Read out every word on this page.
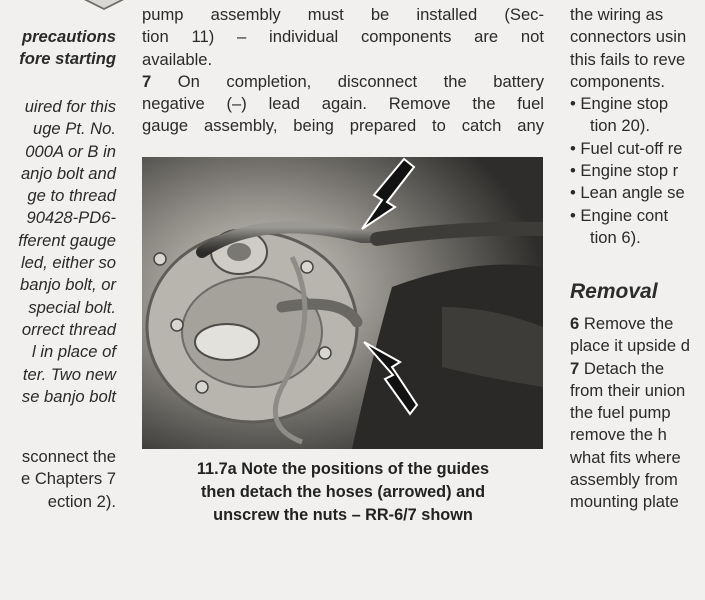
precautions
fore starting
uired for this
uge Pt. No.
000A or B in
anjo bolt and
ge to thread
90428-PD6-
fferent gauge
led, either so
banjo bolt, or
special bolt.
orrect thread
l in place of
ter. Two new
se banjo bolt
sconnect the
e Chapters 7
ection 2).
pump assembly must be installed (Sec-
tion 11) – individual components are not
available.
7 On completion, disconnect the battery
negative (–) lead again. Remove the fuel
gauge assembly, being prepared to catch any
11.7a Note the positions of the guides
then detach the hoses (arrowed) and
unscrew the nuts – RR-6/7 shown
the wiring as
connectors usin
this fails to reve
components.
• Engine stop
tion 20).
• Fuel cut-off re
• Engine stop r
• Lean angle se
• Engine cont
tion 6).
Removal
6 Remove the
place it upside d
7 Detach the
from their union
the fuel pump
remove the h
what fits where
assembly from
mounting plate
